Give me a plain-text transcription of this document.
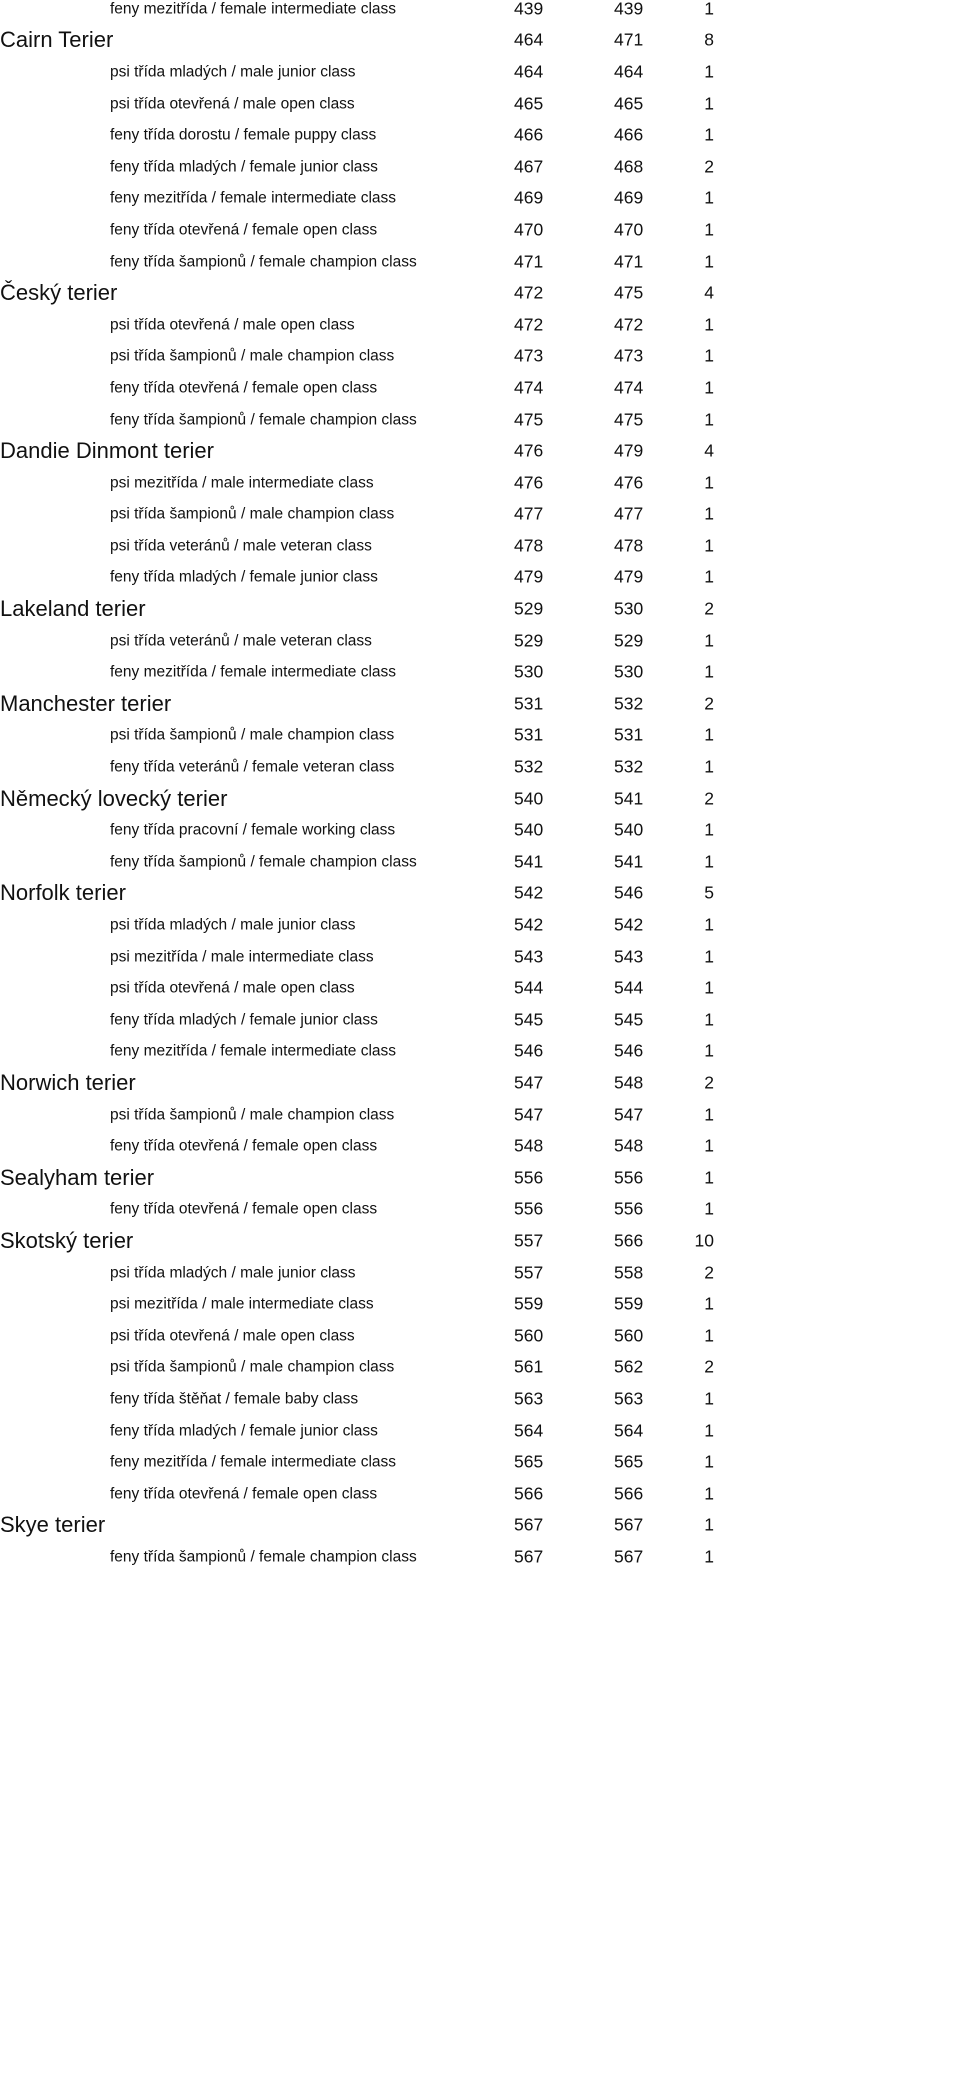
feny mezitřída / female intermediate class	439	439	1
Cairn Terier	464	471	8
psi třída mladých / male junior class	464	464	1
psi třída otevřená / male open class	465	465	1
feny třída dorostu / female puppy class	466	466	1
feny třída mladých / female junior class	467	468	2
feny mezitřída / female intermediate class	469	469	1
feny třída otevřená / female open class	470	470	1
feny třída šampionů / female champion class	471	471	1
Český terier	472	475	4
psi třída otevřená / male open class	472	472	1
psi třída šampionů / male champion class	473	473	1
feny třída otevřená / female open class	474	474	1
feny třída šampionů / female champion class	475	475	1
Dandie Dinmont terier	476	479	4
psi mezitřída / male intermediate class	476	476	1
psi třída šampionů / male champion class	477	477	1
psi třída veteránů / male veteran class	478	478	1
feny třída mladých / female junior class	479	479	1
Lakeland terier	529	530	2
psi třída veteránů / male veteran class	529	529	1
feny mezitřída / female intermediate class	530	530	1
Manchester terier	531	532	2
psi třída šampionů / male champion class	531	531	1
feny třída veteránů / female veteran class	532	532	1
Německý lovecký terier	540	541	2
feny třída pracovní / female working class	540	540	1
feny třída šampionů / female champion class	541	541	1
Norfolk terier	542	546	5
psi třída mladých / male junior class	542	542	1
psi mezitřída / male intermediate class	543	543	1
psi třída otevřená / male open class	544	544	1
feny třída mladých / female junior class	545	545	1
feny mezitřída / female intermediate class	546	546	1
Norwich terier	547	548	2
psi třída šampionů / male champion class	547	547	1
feny třída otevřená / female open class	548	548	1
Sealyham terier	556	556	1
feny třída otevřená / female open class	556	556	1
Skotský terier	557	566	10
psi třída mladých / male junior class	557	558	2
psi mezitřída / male intermediate class	559	559	1
psi třída otevřená / male open class	560	560	1
psi třída šampionů / male champion class	561	562	2
feny třída štěňat / female baby class	563	563	1
feny třída mladých / female junior class	564	564	1
feny mezitřída / female intermediate class	565	565	1
feny třída otevřená / female open class	566	566	1
Skye terier	567	567	1
feny třída šampionů / female champion class	567	567	1
